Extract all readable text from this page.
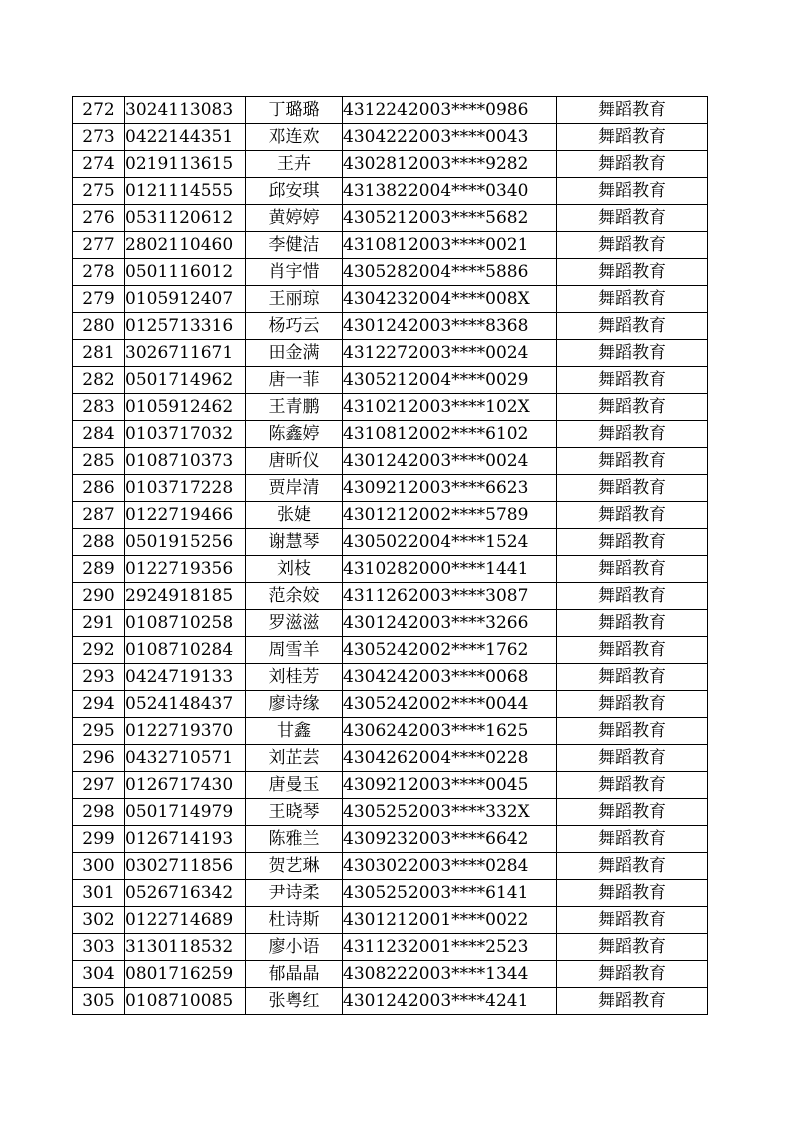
272	3024113083	丁璐璐	4312242003****0986	舞蹈教育
273	0422144351	邓连欢	4304222003****0043	舞蹈教育
274	0219113615	王卉	4302812003****9282	舞蹈教育
275	0121114555	邱安琪	4313822004****0340	舞蹈教育
276	0531120612	黄婷婷	4305212003****5682	舞蹈教育
277	2802110460	李健洁	4310812003****0021	舞蹈教育
278	0501116012	肖宇惜	4305282004****5886	舞蹈教育
279	0105912407	王丽琼	4304232004****008X	舞蹈教育
280	0125713316	杨巧云	4301242003****8368	舞蹈教育
281	3026711671	田金满	4312272003****0024	舞蹈教育
282	0501714962	唐一菲	4305212004****0029	舞蹈教育
283	0105912462	王青鹏	4310212003****102X	舞蹈教育
284	0103717032	陈鑫婷	4310812002****6102	舞蹈教育
285	0108710373	唐昕仪	4301242003****0024	舞蹈教育
286	0103717228	贾岸清	4309212003****6623	舞蹈教育
287	0122719466	张婕	4301212002****5789	舞蹈教育
288	0501915256	谢慧琴	4305022004****1524	舞蹈教育
289	0122719356	刘枝	4310282000****1441	舞蹈教育
290	2924918185	范余姣	4311262003****3087	舞蹈教育
291	0108710258	罗滋滋	4301242003****3266	舞蹈教育
292	0108710284	周雪羊	4305242002****1762	舞蹈教育
293	0424719133	刘桂芳	4304242003****0068	舞蹈教育
294	0524148437	廖诗缘	4305242002****0044	舞蹈教育
295	0122719370	甘鑫	4306242003****1625	舞蹈教育
296	0432710571	刘芷芸	4304262004****0228	舞蹈教育
297	0126717430	唐曼玉	4309212003****0045	舞蹈教育
298	0501714979	王晓琴	4305252003****332X	舞蹈教育
299	0126714193	陈雅兰	4309232003****6642	舞蹈教育
300	0302711856	贺艺琳	4303022003****0284	舞蹈教育
301	0526716342	尹诗柔	4305252003****6141	舞蹈教育
302	0122714689	杜诗斯	4301212001****0022	舞蹈教育
303	3130118532	廖小语	4311232001****2523	舞蹈教育
304	0801716259	郁晶晶	4308222003****1344	舞蹈教育
305	0108710085	张粤红	4301242003****4241	舞蹈教育
